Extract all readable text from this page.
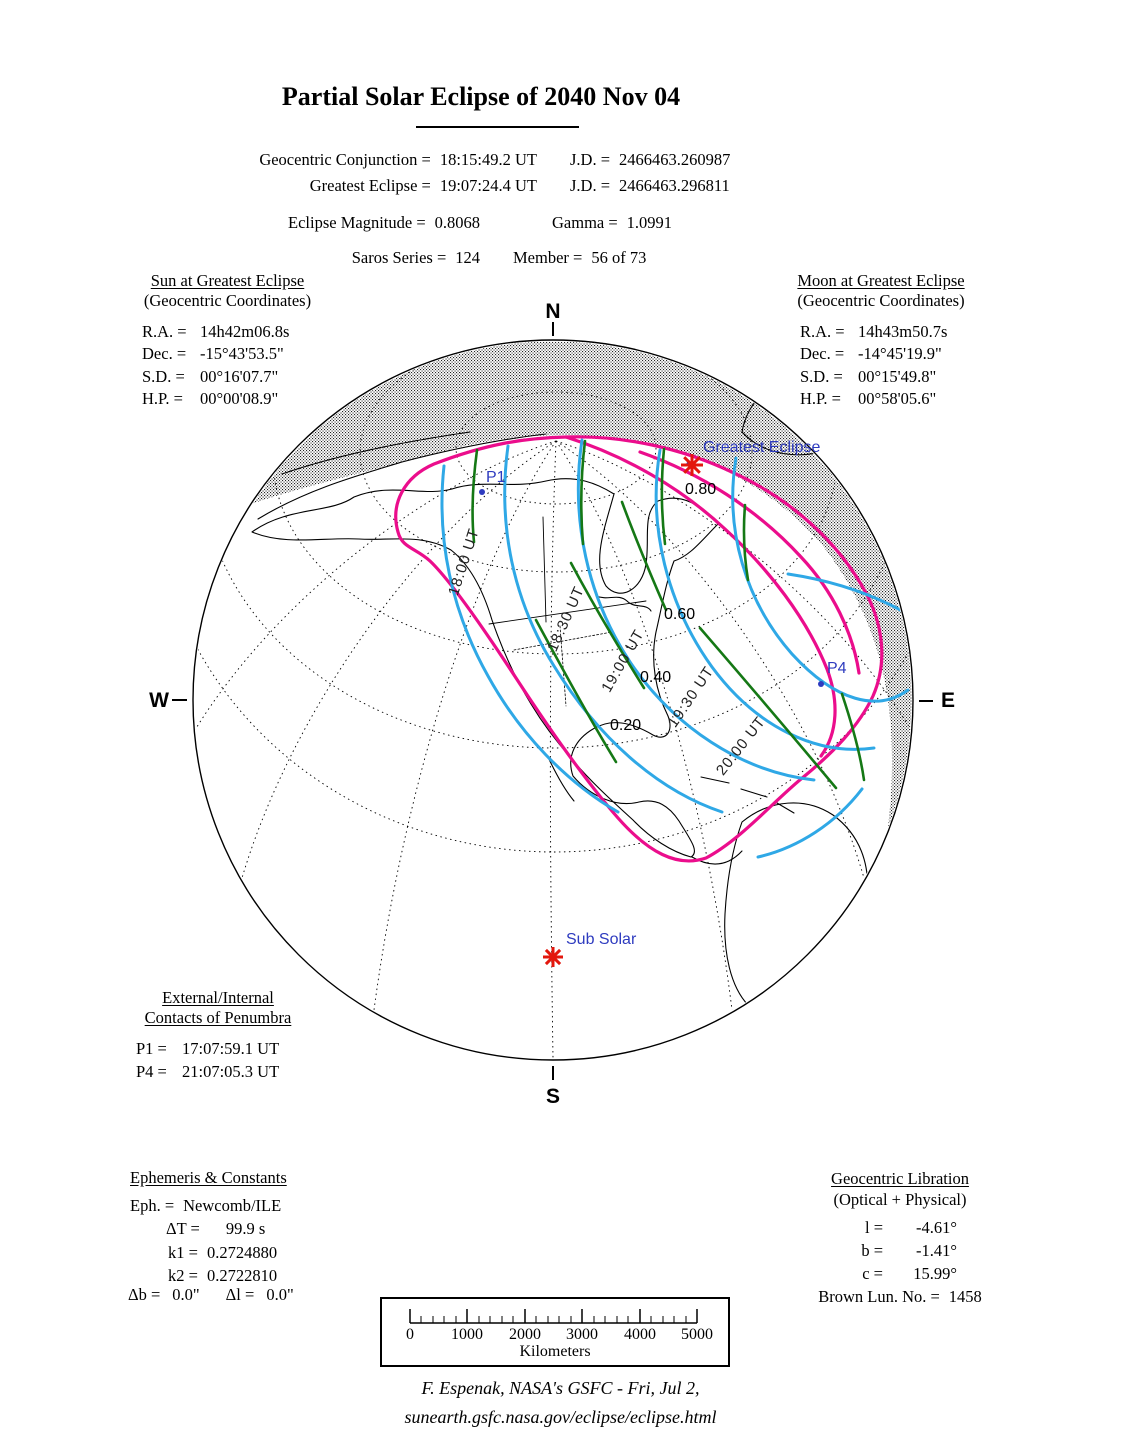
Partial Solar Eclipse of 2040 Nov 04
Geocentric Conjunction = 18:15:49.2 UT J.D. = 2466463.260987
Greatest Eclipse = 19:07:24.4 UT J.D. = 2466463.296811
Eclipse Magnitude = 0.8068	Gamma = 1.0991
Saros Series = 124 Member = 56 of 73
Sun at Greatest Eclipse
(Geocentric Coordinates)
R.A. = 14h42m06.8s
Dec. = -15°43'53.5"
S.D. = 00°16'07.7"
H.P. =	00°00'08.9"
Moon at Greatest Eclipse
(Geocentric Coordinates)
R.A. = 14h43m50.7s
Dec. = -14°45'19.9"
S.D. = 00°15'49.8"
H.P. =	00°58'05.6"
External/Internal
Contacts of Penumbra
P1 = 17:07:59.1 UT
P4 = 21:07:05.3 UT
Ephemeris & Constants
Eph. = Newcomb/ILE
ΔT = 99.9 s
k1 = 0.2724880
k2 = 0.2722810
Δb = 0.0" Δl = 0.0"
Geocentric Libration
(Optical + Physical)
l =	-4.61°
b =	-1.41°
c =	15.99°
Brown Lun. No. = 1458
N
W	E
S
Greatest Eclipse
P1
P4
Sub Solar
0.80
0.60
0.40
0.20
18:00 UT
18:30 UT
19:00 UT
19:30 UT
20:00 UT
0	1000	2000	3000	4000	5000
Kilometers
F. Espenak, NASA's GSFC - Fri, Jul 2,
sunearth.gsfc.nasa.gov/eclipse/eclipse.html
